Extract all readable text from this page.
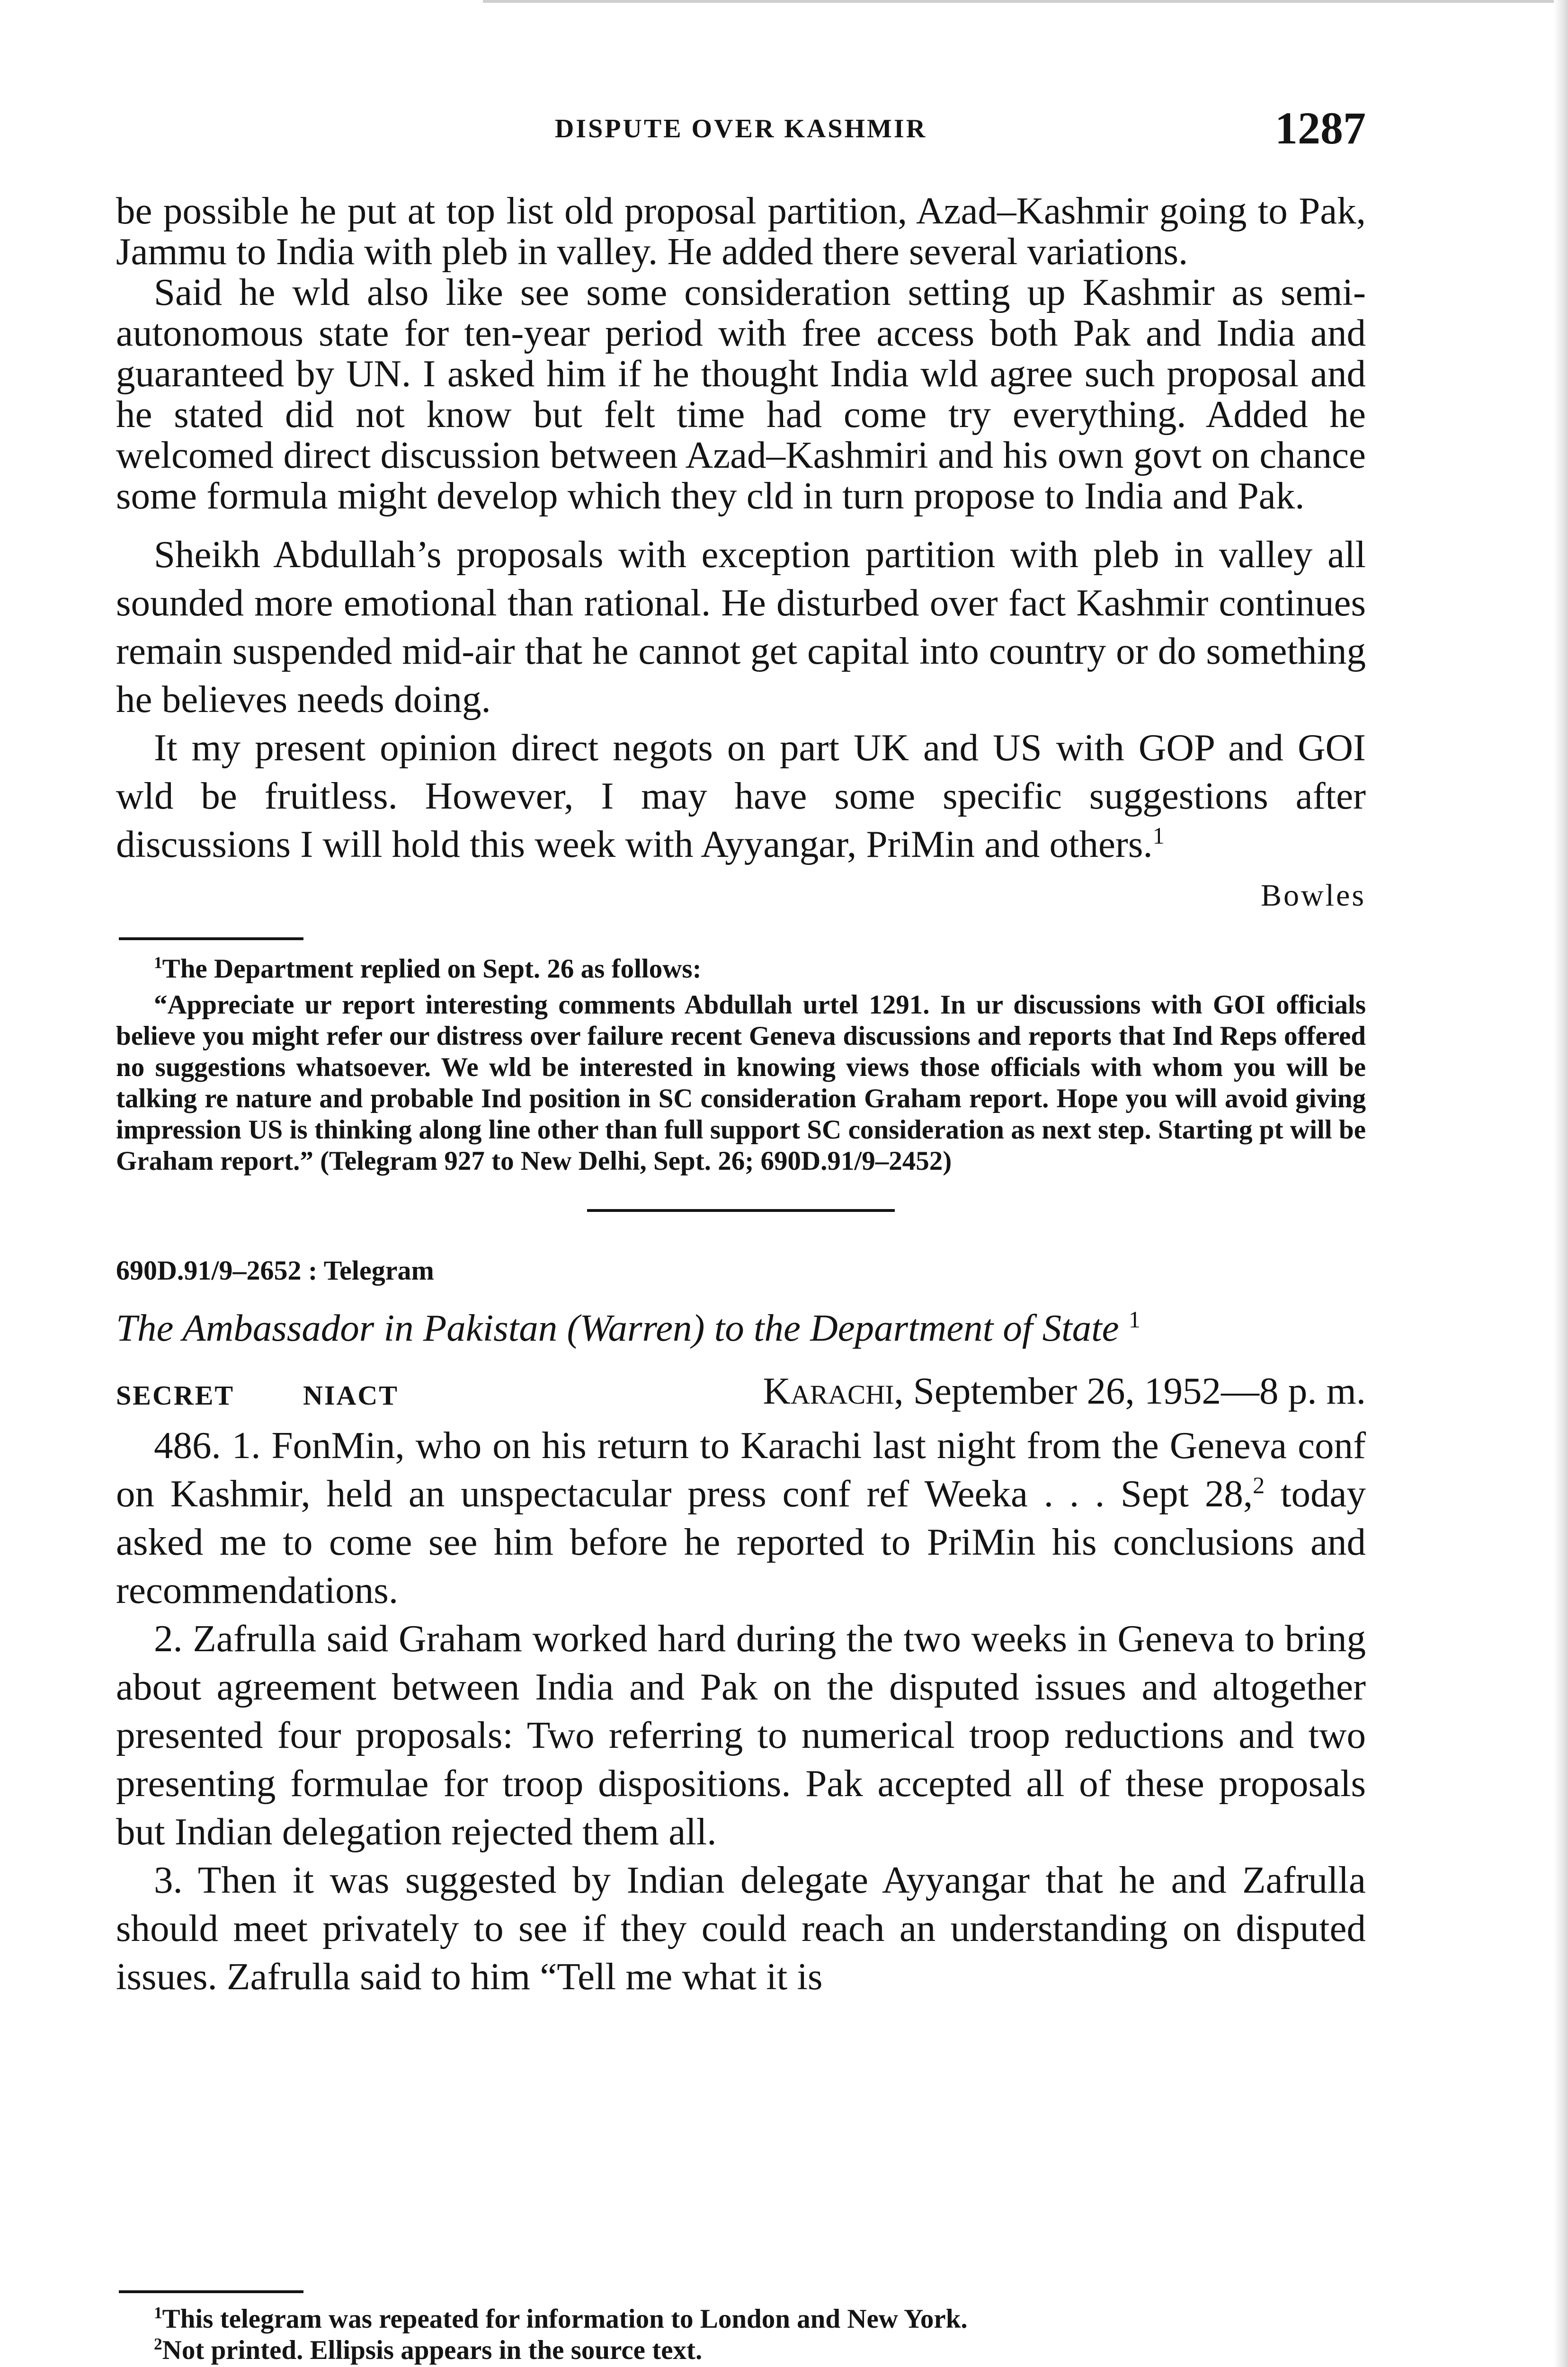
DISPUTE OVER KASHMIR	1287

be possible he put at top list old proposal partition, Azad–Kashmir going to Pak, Jammu to India with pleb in valley. He added there several variations.

Said he wld also like see some consideration setting up Kashmir as semi-autonomous state for ten-year period with free access both Pak and India and guaranteed by UN. I asked him if he thought India wld agree such proposal and he stated did not know but felt time had come try everything. Added he welcomed direct discussion between Azad–Kashmiri and his own govt on chance some formula might develop which they cld in turn propose to India and Pak.

Sheikh Abdullah’s proposals with exception partition with pleb in valley all sounded more emotional than rational. He disturbed over fact Kashmir continues remain suspended mid-air that he cannot get capital into country or do something he believes needs doing.

It my present opinion direct negots on part UK and US with GOP and GOI wld be fruitless. However, I may have some specific suggestions after discussions I will hold this week with Ayyangar, PriMin and others.$^1$

Bowles

$^1$The Department replied on Sept. 26 as follows:

“Appreciate ur report interesting comments Abdullah urtel 1291. In ur discussions with GOI officials believe you might refer our distress over failure recent Geneva discussions and reports that Ind Reps offered no suggestions whatsoever. We wld be interested in knowing views those officials with whom you will be talking re nature and probable Ind position in SC consideration Graham report. Hope you will avoid giving impression US is thinking along line other than full support SC consideration as next step. Starting pt will be Graham report.” (Telegram 927 to New Delhi, Sept. 26; 690D.91/9–2452)

690D.91/9–2652 : Telegram
The Ambassador in Pakistan (Warren) to the Department of State $^1$
SECRET NIACT	Karachi, September 26, 1952—8 p. m.

486. 1. FonMin, who on his return to Karachi last night from the Geneva conf on Kashmir, held an unspectacular press conf ref Weeka . . . Sept 28,$^2$ today asked me to come see him before he reported to PriMin his conclusions and recommendations.

2. Zafrulla said Graham worked hard during the two weeks in Geneva to bring about agreement between India and Pak on the disputed issues and altogether presented four proposals: Two referring to numerical troop reductions and two presenting formulae for troop dispositions. Pak accepted all of these proposals but Indian delegation rejected them all.

3. Then it was suggested by Indian delegate Ayyangar that he and Zafrulla should meet privately to see if they could reach an understanding on disputed issues. Zafrulla said to him “Tell me what it is

$^1$This telegram was repeated for information to London and New York.

$^2$Not printed. Ellipsis appears in the source text.
